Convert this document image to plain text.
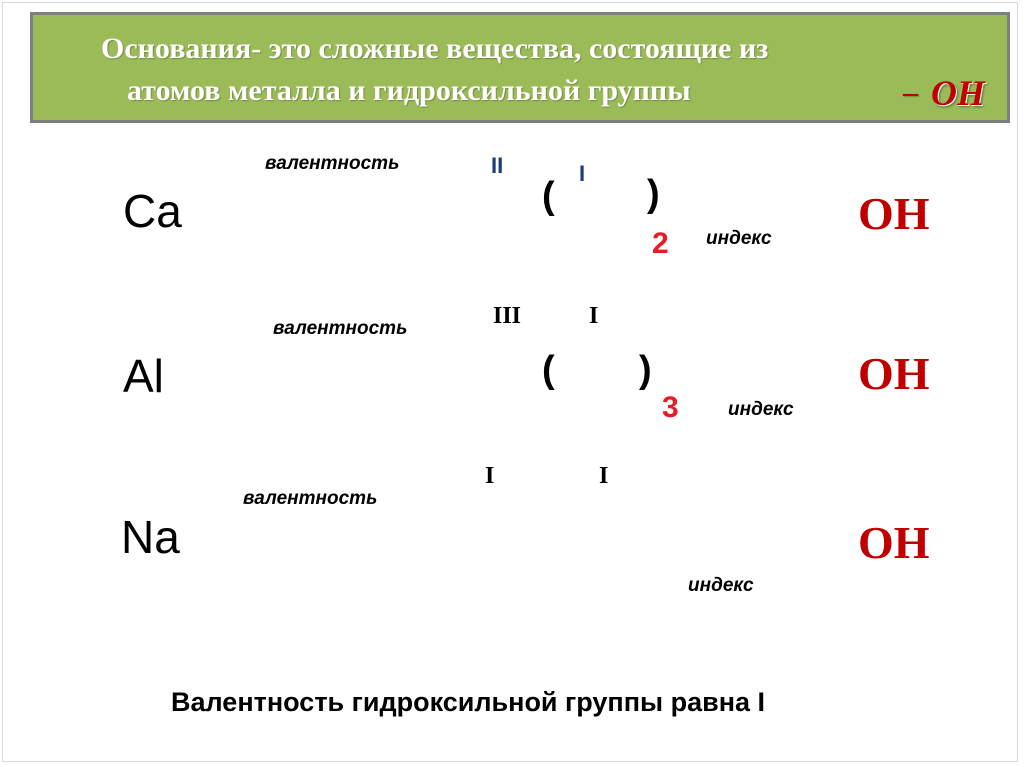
Основания- это сложные вещества, состоящие из
атомов металла и гидроксильной группы	– OH
валентность	II	I
Ca	( )
2 индекс OH
валентность	III	I
Al	( )
3	индекс
OH
валентность
I	I
Na
индекс
OH
Валентность гидроксильной группы равна I
